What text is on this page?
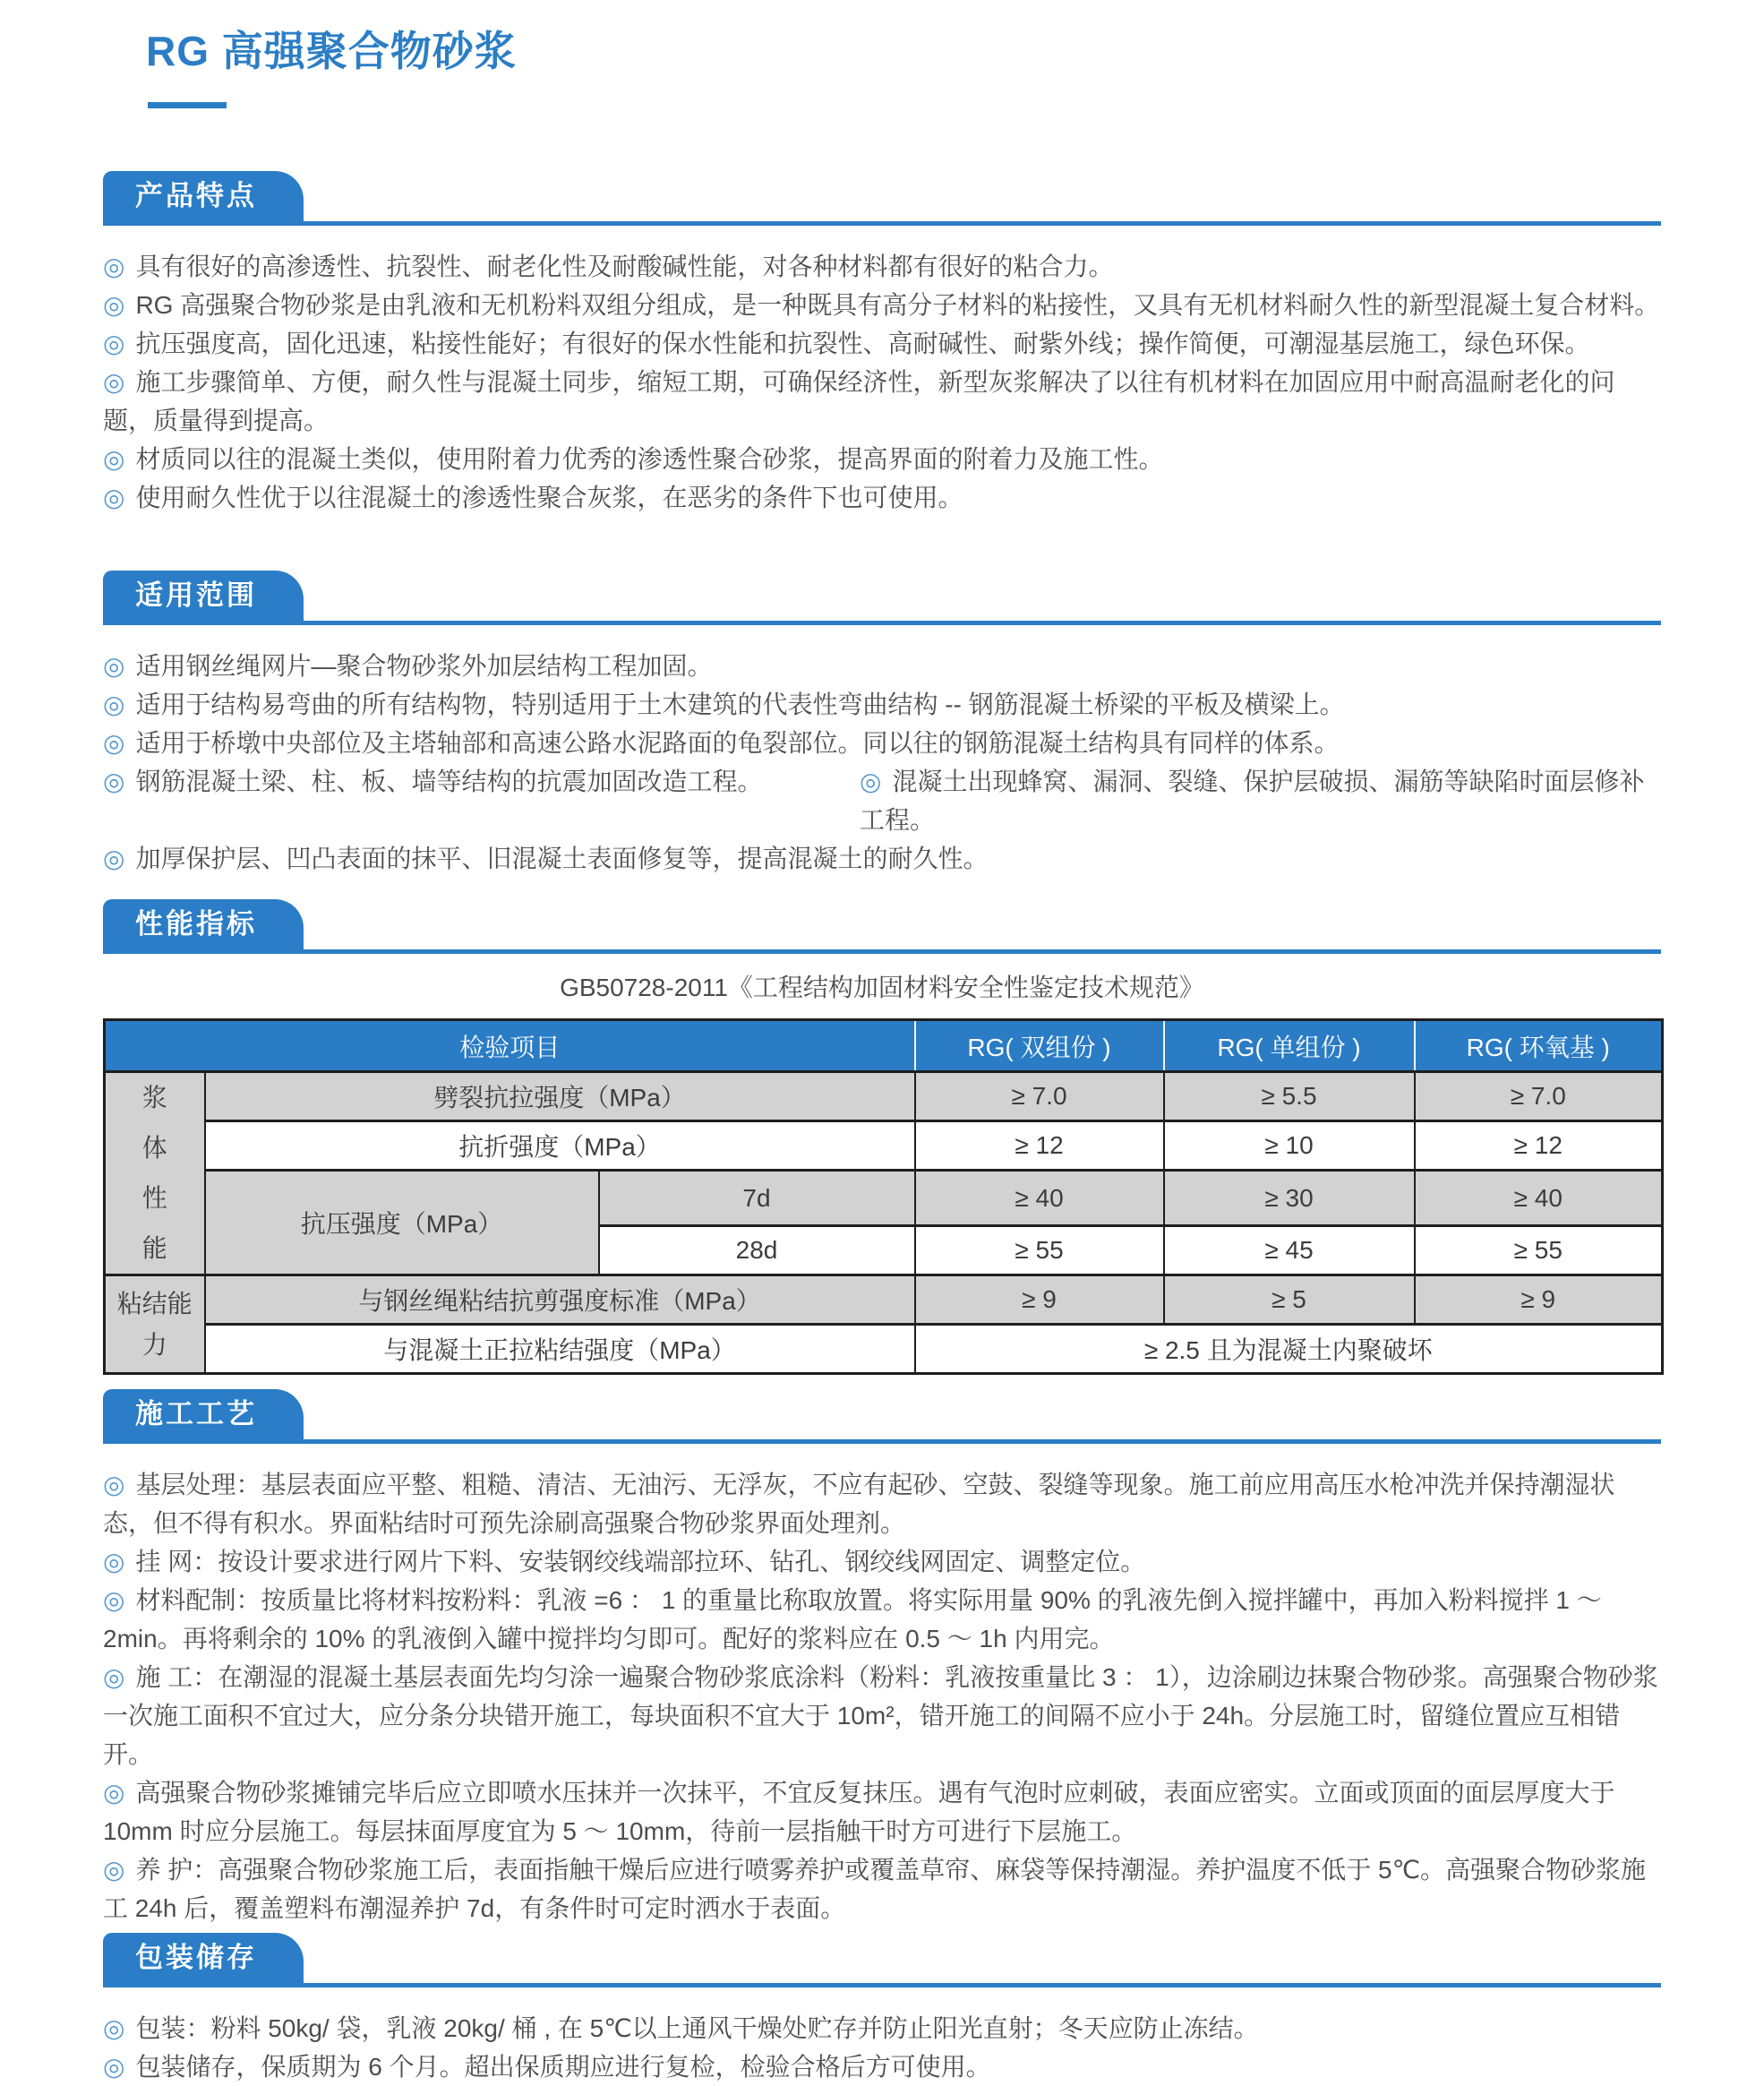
RG 高强聚合物砂浆
产品特点
◎ 具有很好的高渗透性、抗裂性、耐老化性及耐酸碱性能，对各种材料都有很好的粘合力。
◎ RG 高强聚合物砂浆是由乳液和无机粉料双组分组成，是一种既具有高分子材料的粘接性，又具有无机材料耐久性的新型混凝土复合材料。
◎ 抗压强度高，固化迅速，粘接性能好；有很好的保水性能和抗裂性、高耐碱性、耐紫外线；操作简便，可潮湿基层施工，绿色环保。
◎ 施工步骤简单、方便，耐久性与混凝土同步，缩短工期，可确保经济性，新型灰浆解决了以往有机材料在加固应用中耐高温耐老化的问题，质量得到提高。
◎ 材质同以往的混凝土类似，使用附着力优秀的渗透性聚合砂浆，提高界面的附着力及施工性。
◎ 使用耐久性优于以往混凝土的渗透性聚合灰浆，在恶劣的条件下也可使用。
适用范围
◎ 适用钢丝绳网片—聚合物砂浆外加层结构工程加固。
◎ 适用于结构易弯曲的所有结构物，特别适用于土木建筑的代表性弯曲结构 -- 钢筋混凝土桥梁的平板及横梁上。
◎ 适用于桥墩中央部位及主塔轴部和高速公路水泥路面的龟裂部位。同以往的钢筋混凝土结构具有同样的体系。
◎ 钢筋混凝土梁、柱、板、墙等结构的抗震加固改造工程。	◎ 混凝土出现蜂窝、漏洞、裂缝、保护层破损、漏筋等缺陷时面层修补工程。
◎ 加厚保护层、凹凸表面的抹平、旧混凝土表面修复等，提高混凝土的耐久性。
性能指标
GB50728-2011《工程结构加固材料安全性鉴定技术规范》
检验项目			RG( 双组份 )	RG( 单组份 )	RG( 环氧基 )

浆体性能	劈裂抗拉强度（MPa）		≥ 7.0	≥ 5.5	≥ 7.0
	抗折强度（MPa）		≥ 12	≥ 10	≥ 12
	抗压强度（MPa）	7d	≥ 40	≥ 30	≥ 40
		28d	≥ 55	≥ 45	≥ 55

粘结能力	与钢丝绳粘结抗剪强度标准（MPa）		≥ 9	≥ 5	≥ 9
	与混凝土正拉粘结强度（MPa）		≥ 2.5 且为混凝土内聚破坏		
施工工艺
◎ 基层处理：基层表面应平整、粗糙、清洁、无油污、无浮灰，不应有起砂、空鼓、裂缝等现象。施工前应用高压水枪冲洗并保持潮湿状态，但不得有积水。界面粘结时可预先涂刷高强聚合物砂浆界面处理剂。
◎ 挂 网：按设计要求进行网片下料、安装钢绞线端部拉环、钻孔、钢绞线网固定、调整定位。
◎ 材料配制：按质量比将材料按粉料：乳液 =6 ： 1 的重量比称取放置。将实际用量 90% 的乳液先倒入搅拌罐中，再加入粉料搅拌 1 ～ 2min。再将剩余的 10% 的乳液倒入罐中搅拌均匀即可。配好的浆料应在 0.5 ～ 1h 内用完。
◎ 施 工：在潮湿的混凝土基层表面先均匀涂一遍聚合物砂浆底涂料（粉料：乳液按重量比 3 ： 1），边涂刷边抹聚合物砂浆。高强聚合物砂浆一次施工面积不宜过大，应分条分块错开施工，每块面积不宜大于 10m²，错开施工的间隔不应小于 24h。分层施工时，留缝位置应互相错开。
◎ 高强聚合物砂浆摊铺完毕后应立即喷水压抹并一次抹平，不宜反复抹压。遇有气泡时应刺破，表面应密实。立面或顶面的面层厚度大于 10mm 时应分层施工。每层抹面厚度宜为 5 ～ 10mm，待前一层指触干时方可进行下层施工。
◎ 养 护：高强聚合物砂浆施工后，表面指触干燥后应进行喷雾养护或覆盖草帘、麻袋等保持潮湿。养护温度不低于 5℃。高强聚合物砂浆施工 24h 后，覆盖塑料布潮湿养护 7d，有条件时可定时洒水于表面。
包装储存
◎ 包装：粉料 50kg/ 袋，乳液 20kg/ 桶 , 在 5℃以上通风干燥处贮存并防止阳光直射；冬天应防止冻结。
◎ 包装储存，保质期为 6 个月。超出保质期应进行复检，检验合格后方可使用。
